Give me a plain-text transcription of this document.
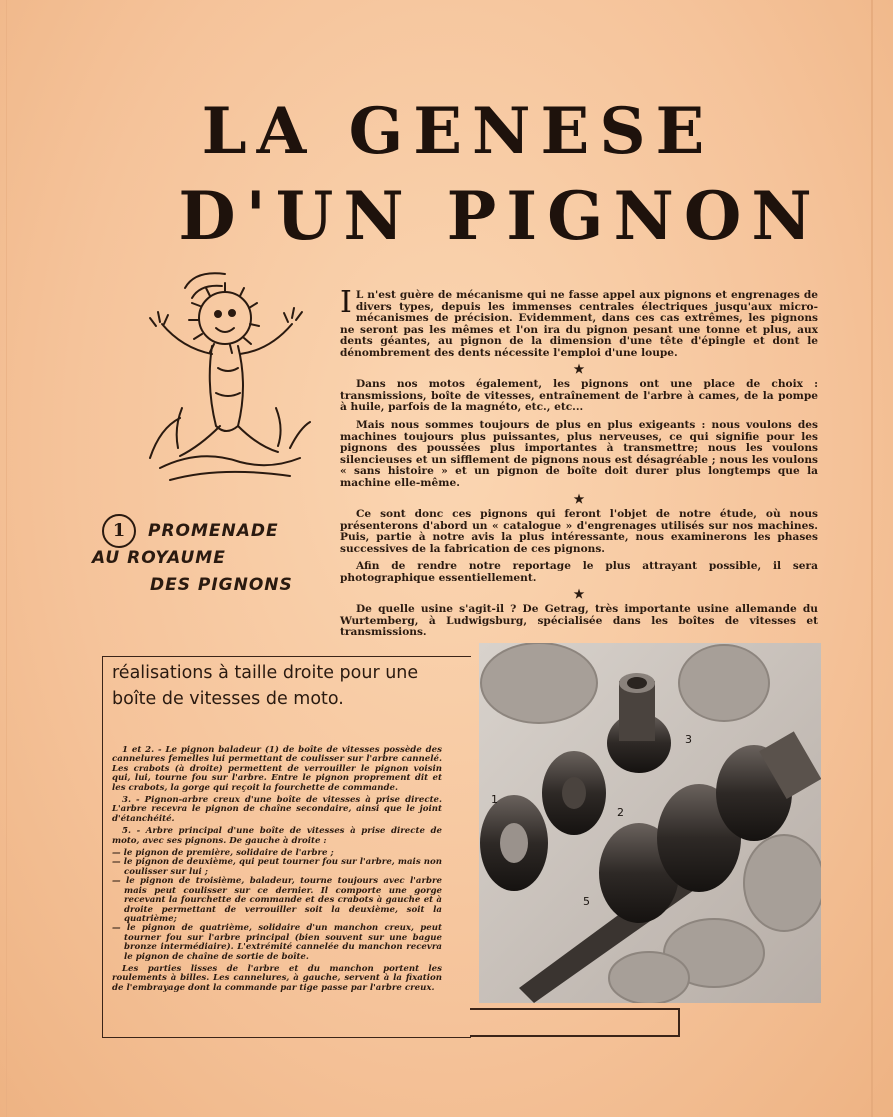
LA GENESE
D'UN PIGNON

I L n'est guère de mécanisme qui ne fasse appel aux pignons et engrenages de divers types, depuis les immenses centrales électriques jusqu'aux micro-mécanismes de précision. Evidemment, dans ces cas extrêmes, les pignons ne seront pas les mêmes et l'on ira du pignon pesant une tonne et plus, aux dents géantes, au pignon de la dimension d'une tête d'épingle et dont le dénombrement des dents nécessite l'emploi d'une loupe.

★

Dans nos motos également, les pignons ont une place de choix : transmissions, boîte de vitesses, entraînement de l'arbre à cames, de la pompe à huile, parfois de la magnéto, etc., etc...

Mais nous sommes toujours de plus en plus exigeants : nous voulons des machines toujours plus puissantes, plus nerveuses, ce qui signifie pour les pignons des poussées plus importantes à transmettre; nous les voulons silencieuses et un sifflement de pignons nous est désagréable ; nous les voulons « sans histoire » et un pignon de boîte doit durer plus longtemps que la machine elle-même.

★

Ce sont donc ces pignons qui feront l'objet de notre étude, où nous présenterons d'abord un « catalogue » d'engrenages utilisés sur nos machines. Puis, partie à notre avis la plus intéressante, nous examinerons les phases successives de la fabrication de ces pignons.

Afin de rendre notre reportage le plus attrayant possible, il sera photographique essentiellement.

★

De quelle usine s'agit-il ? De Getrag, très importante usine allemande du Wurtemberg, à Ludwigsburg, spécialisée dans les boîtes de vitesses et transmissions.

1	PROMENADE
AU ROYAUME
DES PIGNONS
réalisations à taille droite pour une boîte de vitesses de moto.

1 et 2. - Le pignon baladeur (1) de boîte de vitesses possède des cannelures femelles lui permettant de coulisser sur l'arbre cannelé. Les crabots (à droite) permettent de verrouiller le pignon voisin qui, lui, tourne fou sur l'arbre. Entre le pignon proprement dit et les crabots, la gorge qui reçoit la fourchette de commande.

3. - Pignon-arbre creux d'une boîte de vitesses à prise directe. L'arbre recevra le pignon de chaîne secondaire, ainsi que le joint d'étanchéité.

5. - Arbre principal d'une boîte de vitesses à prise directe de moto, avec ses pignons. De gauche à droite :

— le pignon de première, solidaire de l'arbre ;
— le pignon de deuxième, qui peut tourner fou sur l'arbre, mais non coulisser sur lui ;
— le pignon de troisième, baladeur, tourne toujours avec l'arbre mais peut coulisser sur ce dernier. Il comporte une gorge recevant la fourchette de commande et des crabots à gauche et à droite permettant de verrouiller soit la deuxième, soit la quatrième;
— le pignon de quatrième, solidaire d'un manchon creux, peut tourner fou sur l'arbre principal (bien souvent sur une bague bronze intermédiaire). L'extrémité cannelée du manchon recevra le pignon de chaîne de sortie de boîte.

Les parties lisses de l'arbre et du manchon portent les roulements à billes. Les cannelures, à gauche, servent à la fixation de l'embrayage dont la commande par tige passe par l'arbre creux.

1
2
3
5
